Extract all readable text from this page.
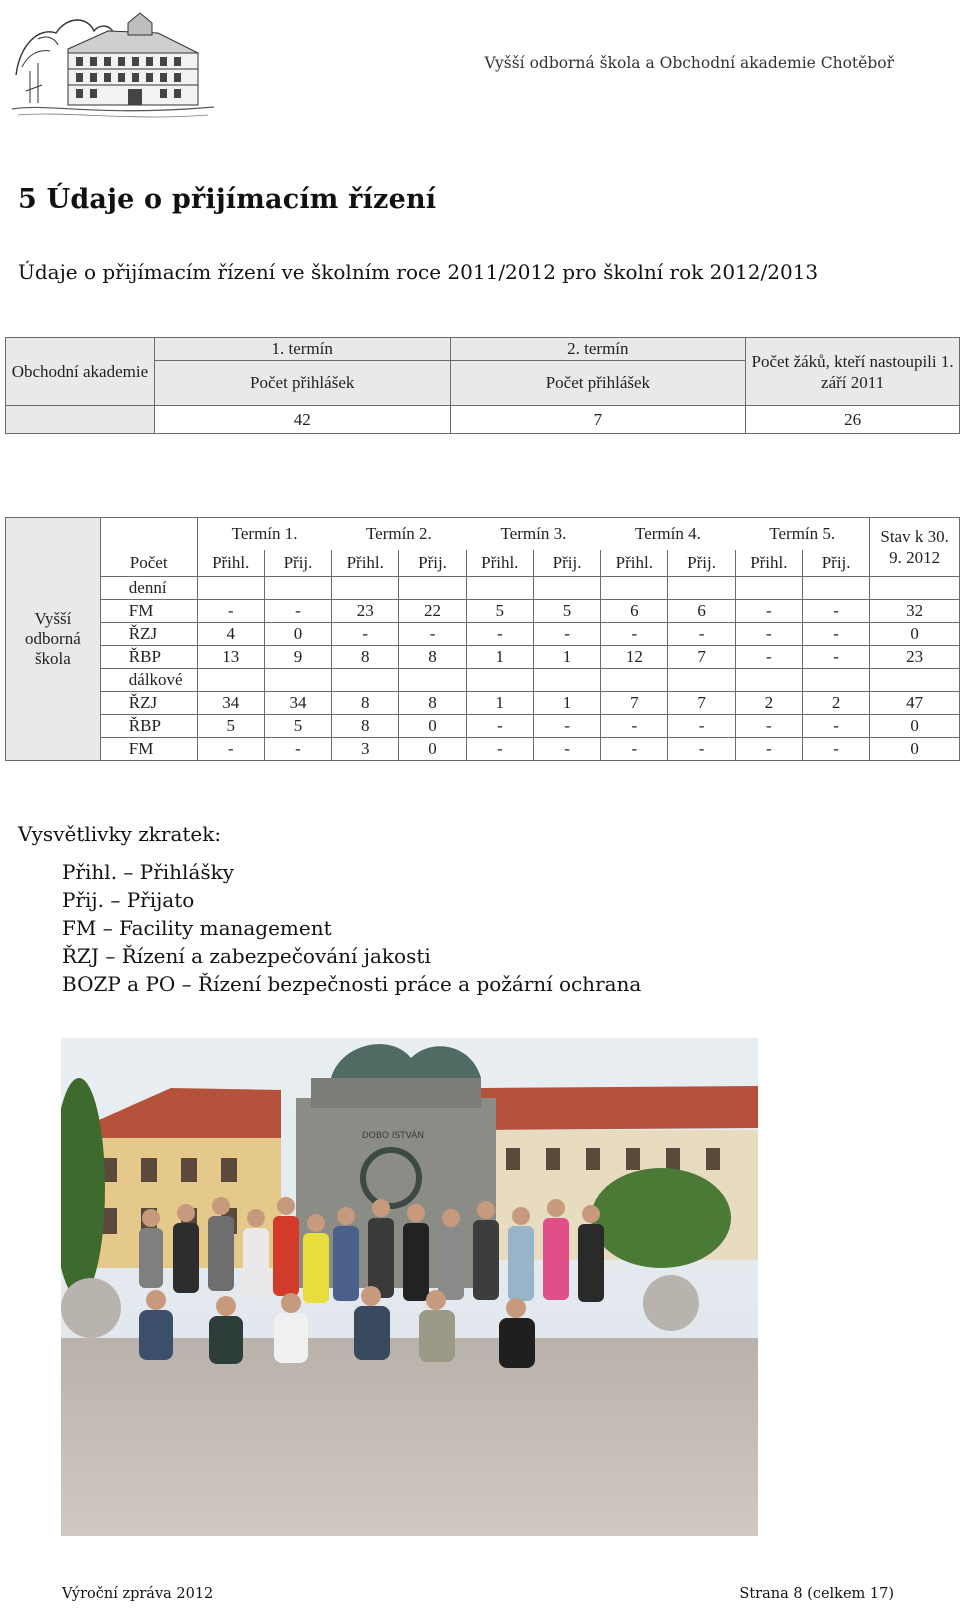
Vyšší odborná škola a Obchodní akademie Chotěboř
5 Údaje o přijímacím řízení
Údaje o přijímacím řízení ve školním roce 2011/2012 pro školní rok 2012/2013
Obchodní akademie	1. termín	2. termín	Počet žáků, kteří nastoupili 1. září 2011
	Počet přihlášek	Počet přihlášek	
	42	7	26
Vyšší odborná škola		Termín 1.		Termín 2.		Termín 3.		Termín 4.		Termín 5.		Stav k 30. 9. 2012
	Počet	Přihl.	Přij.	Přihl.	Přij.	Přihl.	Přij.	Přihl.	Přij.	Přihl.	Přij.	
	denní											
	FM	-	-	23	22	5	5	6	6	-	-	32
	ŘZJ	4	0	-	-	-	-	-	-	-	-	0
	ŘBP	13	9	8	8	1	1	12	7	-	-	23
	dálkové											
	ŘZJ	34	34	8	8	1	1	7	7	2	2	47
	ŘBP	5	5	8	0	-	-	-	-	-	-	0
	FM	-	-	3	0	-	-	-	-	-	-	0
Vysvětlivky zkratek:
Přihl. – Přihlášky
Přij. – Přijato
FM – Facility management
ŘZJ – Řízení a zabezpečování jakosti
BOZP a PO – Řízení bezpečnosti práce a požární ochrana
DOBO ISTVÁN
Výroční zpráva 2012	Strana 8 (celkem 17)
